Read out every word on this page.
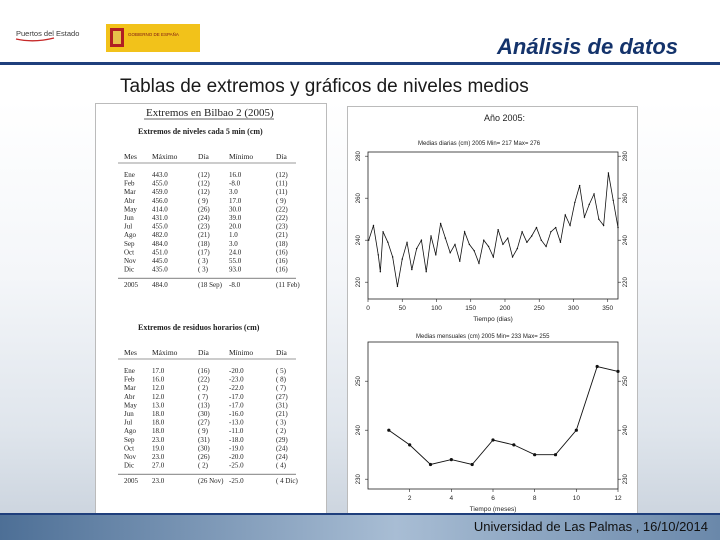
Puertos del Estado	GOBIERNO DE ESPAÑA	Análisis de datos
Tablas de extremos y gráficos de niveles medios
Extremos en Bilbao 2 (2005)
Extremos de niveles cada 5 min (cm)
Mes Máximo	Día	Mínimo	Día
Ene 443.0	(12)	16.0	(12)
Feb	455.0	(12)	-8.0	(11)
Mar 459.0	(12)	3.0	(11)
Abr 456.0	( 9)	17.0	( 9)
May 414.0	(26)	30.0	(22)
Jun	431.0	(24)	39.0	(22)
Jul	455.0	(23)	20.0	(23)
Ago 482.0	(21)	1.0	(21)
Sep	484.0	(18)	3.0	(18)
Oct	451.0	(17)	24.0	(16)
Nov 445.0	( 3)	55.0	(16)
Dic	435.0	( 3)	93.0	(16)
2005 484.0	(18 Sep) -8.0	(11 Feb)
Extremos de residuos horarios (cm)
Mes Máximo	Día	Mínimo	Día
Ene 17.0	(16)	-20.0	( 5)
Feb	16.0	(22)	-23.0	( 8)
Mar 12.0	( 2)	-22.0	( 7)
Abr 12.0	( 7)	-17.0	(27)
May 13.0	(13)	-17.0	(31)
Jun	18.0	(30)	-16.0	(21)
Jul	18.0	(27)	-13.0	( 3)
Ago 18.0	( 9)	-11.0	( 2)
Sep	23.0	(31)	-18.0	(29)
Oct	19.0	(30)	-19.0	(24)
Nov 23.0	(26)	-20.0	(24)
Dic	27.0	( 2)	-25.0	( 4)
2005 23.0	(26 Nov) -25.0	( 4 Dic)
Año 2005:
Medias diarias (cm) 2005 Min= 217 Max= 276
0	50	100	150	200	250	300	350
220	220
240	240
260	260
280	280
Tiempo (dias)
Medias mensuales (cm) 2005 Min= 233 Max= 255
2	4	6	8	10	12
230	230
240	240
250	250
Tiempo (meses)
Universidad de Las Palmas , 16/10/2014
